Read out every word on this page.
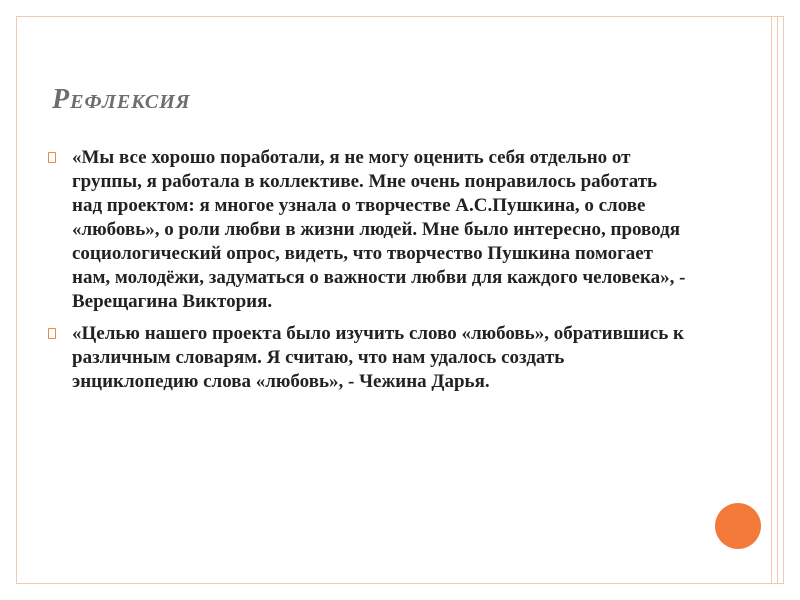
Рефлексия
«Мы все хорошо поработали, я не могу оценить себя отдельно от группы, я работала в коллективе. Мне очень понравилось работать над проектом: я многое узнала о творчестве А.С.Пушкина, о слове «любовь», о роли любви в жизни людей. Мне было интересно, проводя социологический опрос, видеть, что творчество Пушкина помогает нам, молодёжи, задуматься о важности любви для каждого человека», - Верещагина Виктория.
«Целью нашего проекта было изучить слово «любовь», обратившись к различным словарям. Я считаю, что нам удалось создать энциклопедию слова «любовь», - Чежина Дарья.
